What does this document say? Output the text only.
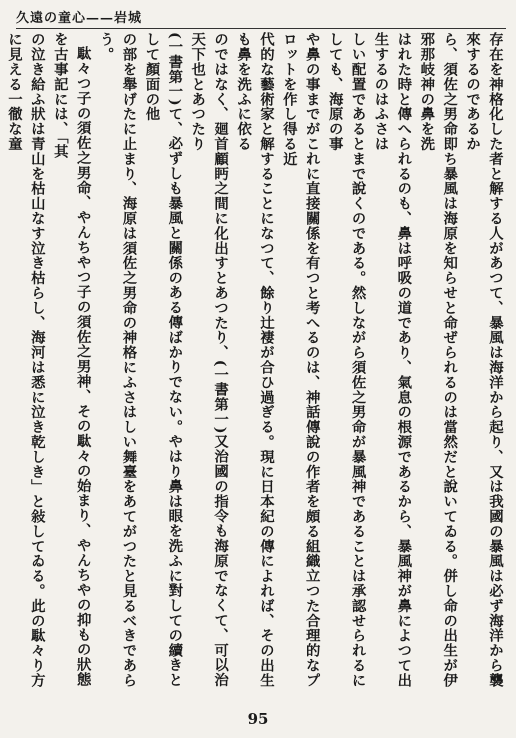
久遠の童心 ——岩城

存在を神格化した者と解する人があつて、暴風は海洋から起り、又は我國の暴風は必ず海洋から襲來するのであるか

ら、須佐之男命即ち暴風は海原を知らせと命ぜられるのは當然だと說いてゐる。併し命の出生が伊邪那岐神の鼻を洗

はれた時と傳へられるのも、鼻は呼吸の道であり、氣息の根源であるから、暴風神が鼻によつて出生するのはふさは

しい配置であるとまで說くのである。然しながら須佐之男命が暴風神であることは承認せられるにしても、海原の事

や鼻の事までがこれに直接關係を有つと考へるのは、神話傳說の作者を頗る組織立つた合理的なプロットを作し得る近

代的な藝術家と解することになつて、餘り辻褄が合ひ過ぎる。現に日本紀の傳によれば、その出生も鼻を洗ふに依る

のではなく、廻首顧眄之間に化出すとあつたり、(一書第一)又治國の指令も海原でなくて、可以治天下也とあつたり

(一書第一)て、必ずしも暴風と關係のある傳ばかりでない。やはり鼻は眼を洗ふに對しての續きとして顏面の他

の部を舉げたに止まり、海原は須佐之男命の神格にふさはしい舞臺をあてがつたと見るべきであらう。

駄々つ子の須佐之男命、やんちやつ子の須佐之男神、その駄々の始まり、やんちやの抑もの狀態を古事記には、「其

の泣き給ふ狀は青山を枯山なす泣き枯らし、海河は悉に泣き乾しき」と敍してゐる。此の駄々り方に見える一徹な童

95
